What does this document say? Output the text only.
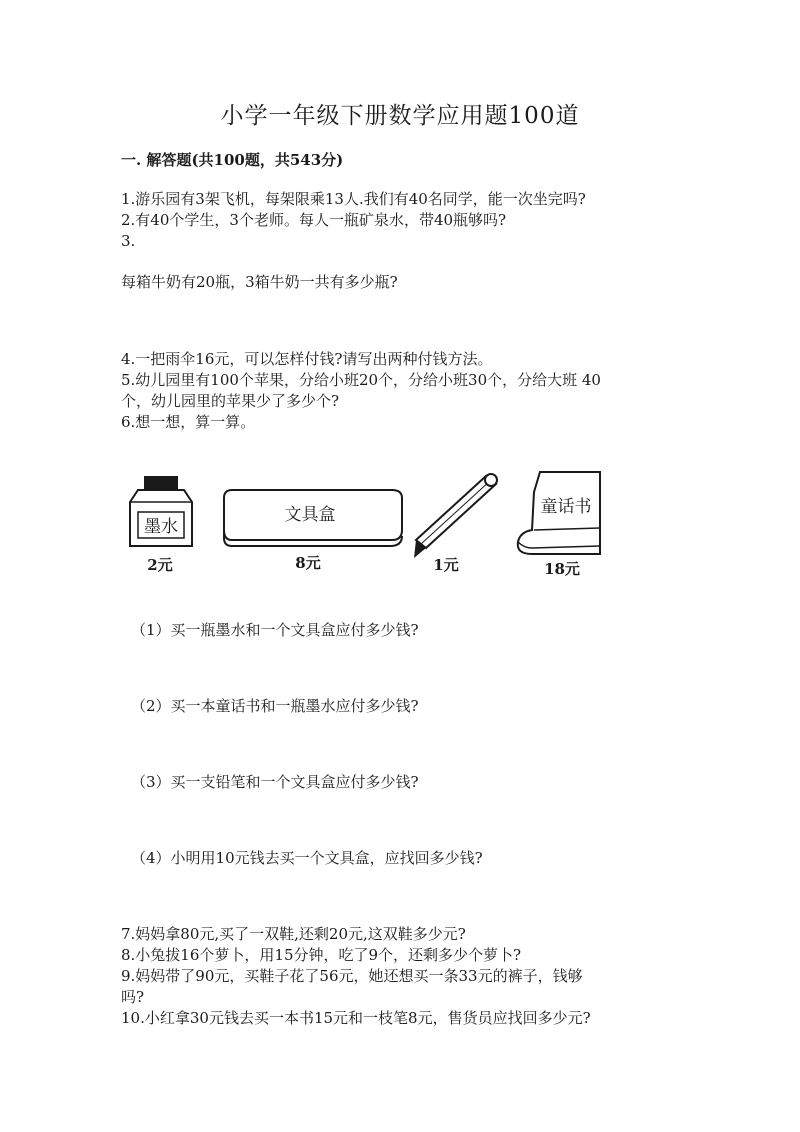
小学一年级下册数学应用题100道
一. 解答题(共100题，共543分)
1.游乐园有3架飞机，每架限乘13人.我们有40名同学，能一次坐完吗?
2.有40个学生，3个老师。每人一瓶矿泉水，带40瓶够吗?
3.
每箱牛奶有20瓶，3箱牛奶一共有多少瓶?
4.一把雨伞16元，可以怎样付钱?请写出两种付钱方法。
5.幼儿园里有100个苹果，分给小班20个，分给小班30个，分给大班 40
个，幼儿园里的苹果少了多少个?
6.想一想，算一算。
墨水
2元
文具盒
8元	1元
童话书
18元
（1）买一瓶墨水和一个文具盒应付多少钱?
（2）买一本童话书和一瓶墨水应付多少钱?
（3）买一支铅笔和一个文具盒应付多少钱?
（4）小明用10元钱去买一个文具盒，应找回多少钱?
7.妈妈拿80元,买了一双鞋,还剩20元,这双鞋多少元?
8.小兔拔16个萝卜，用15分钟，吃了9个，还剩多少个萝卜?
9.妈妈带了90元，买鞋子花了56元，她还想买一条33元的裤子，钱够
吗?
10.小红拿30元钱去买一本书15元和一枝笔8元，售货员应找回多少元?
